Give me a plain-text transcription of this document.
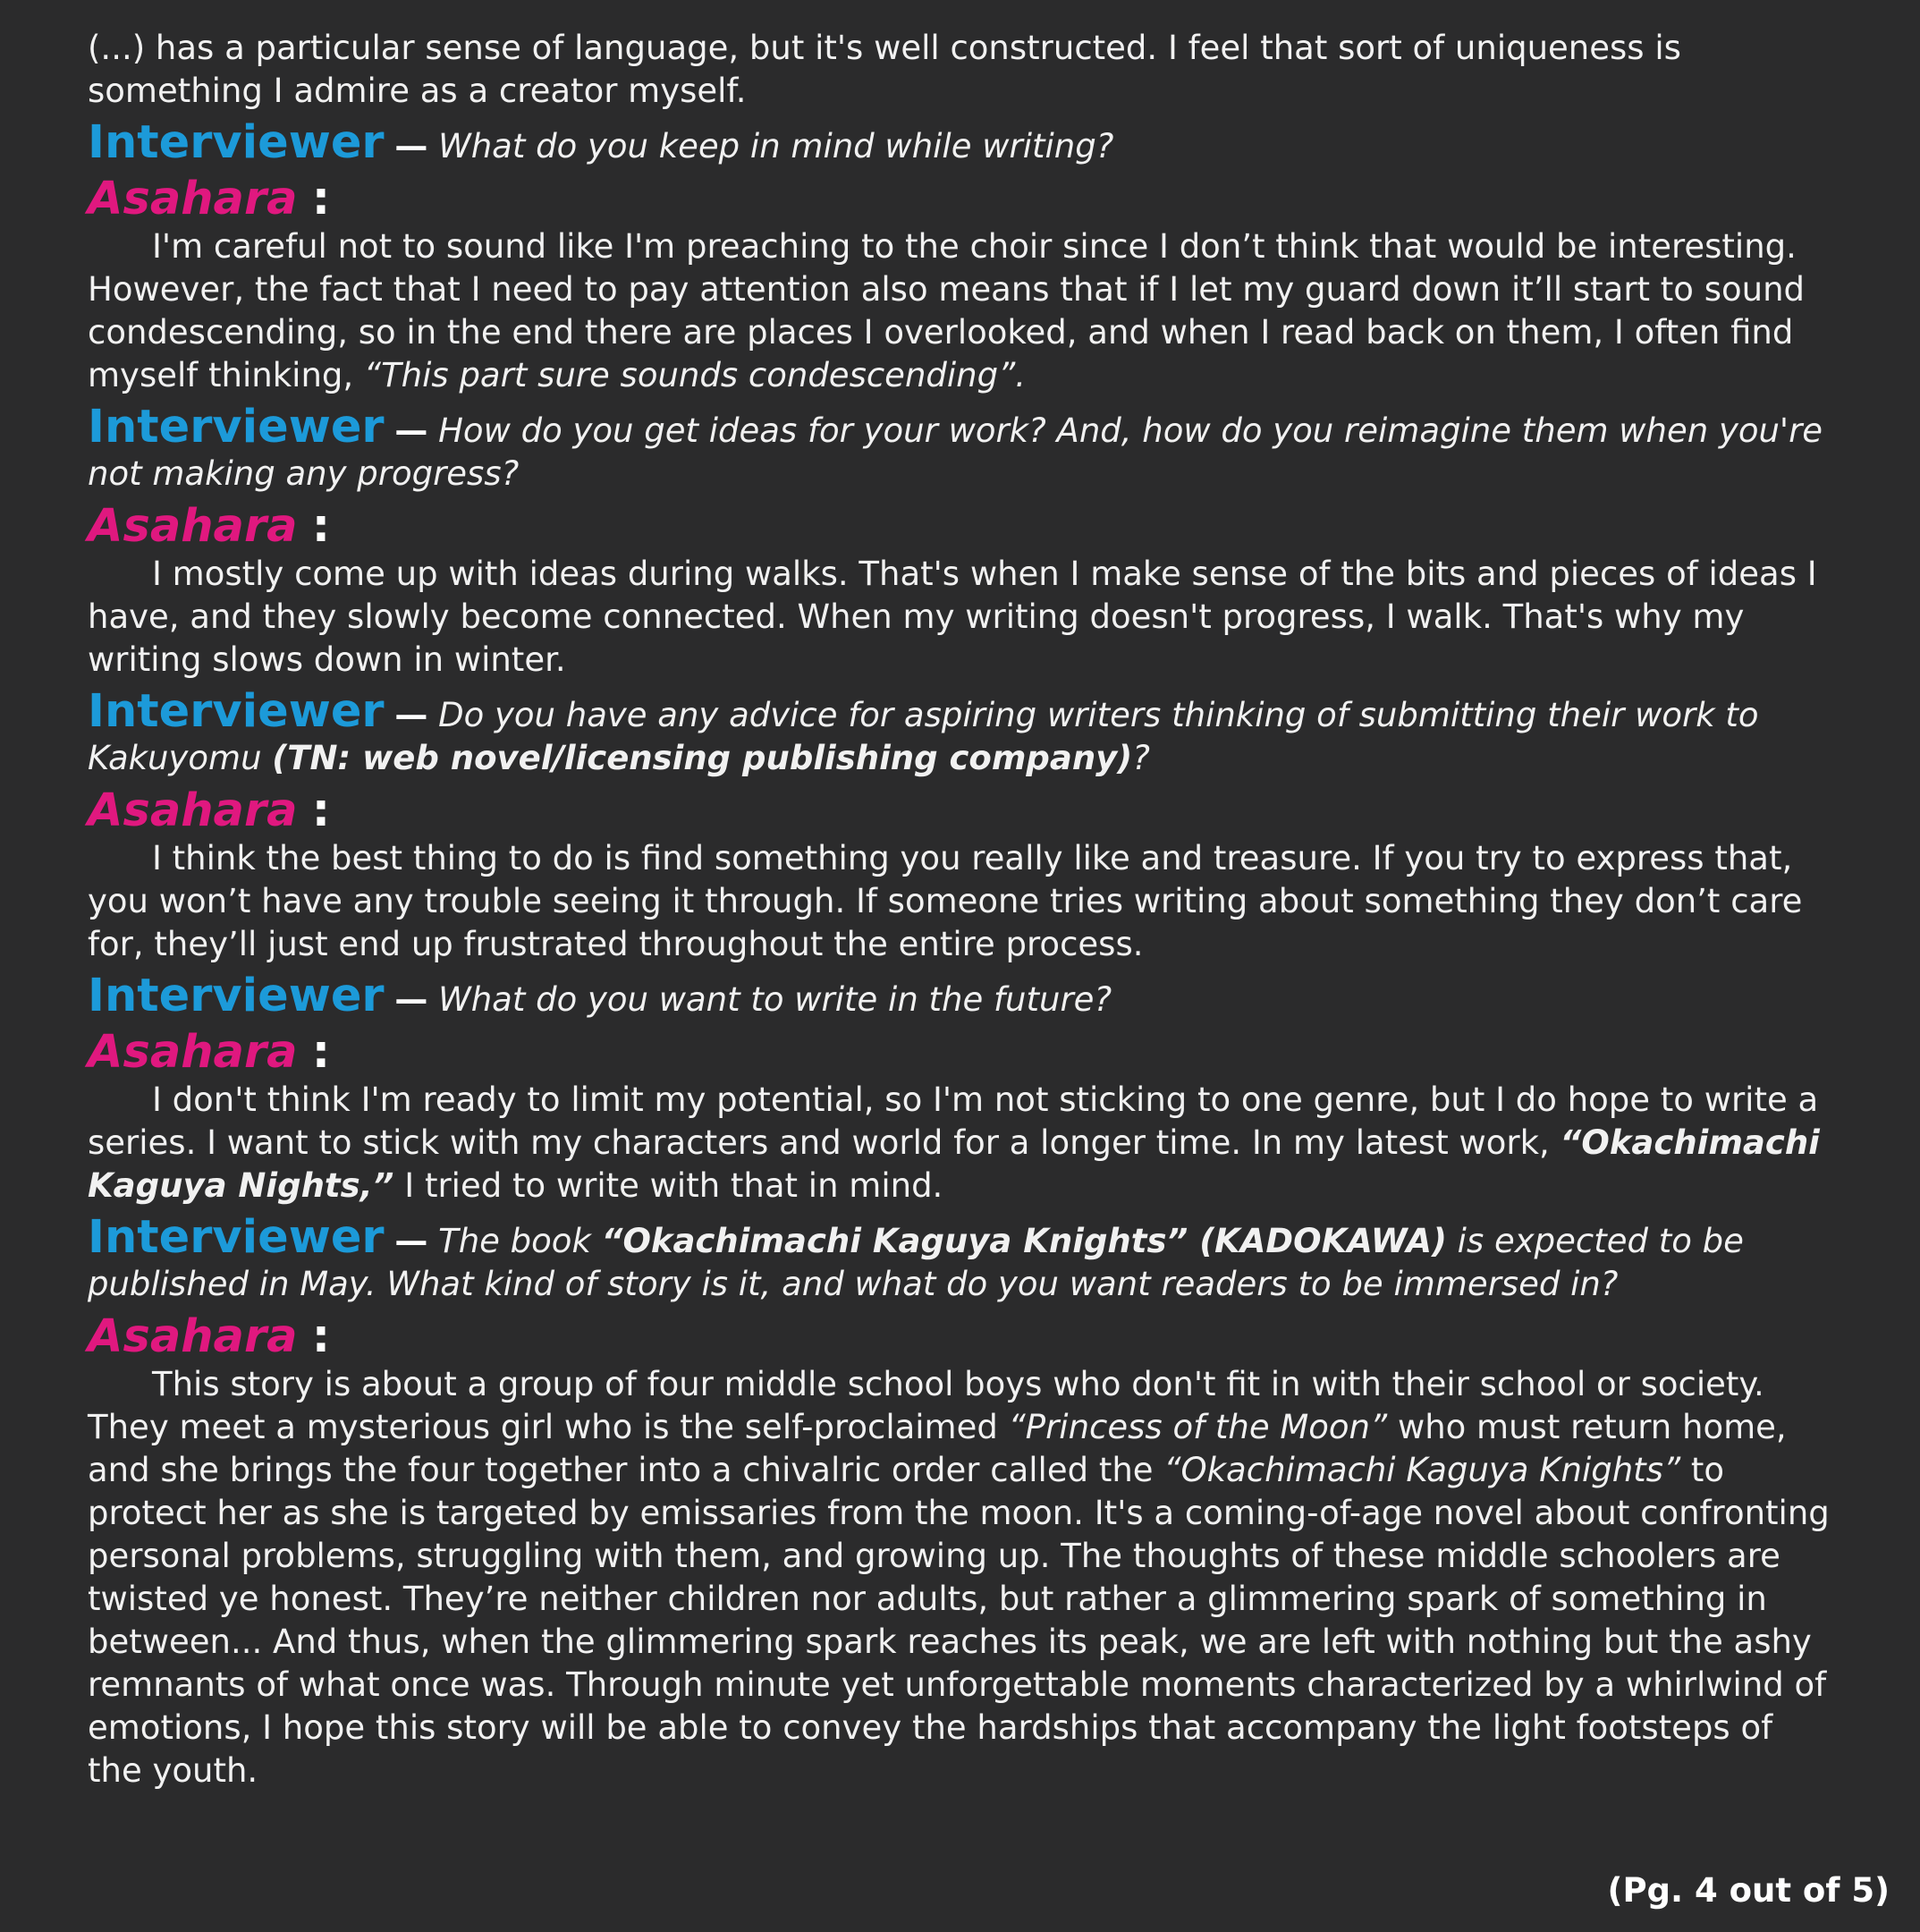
(...) has a particular sense of language, but it's well constructed. I feel that sort of uniqueness is something I admire as a creator myself.

Interviewer — What do you keep in mind while writing?

Asahara :

I'm careful not to sound like I'm preaching to the choir since I don’t think that would be interesting. However, the fact that I need to pay attention also means that if I let my guard down it’ll start to sound condescending, so in the end there are places I overlooked, and when I read back on them, I often find myself thinking, “This part sure sounds condescending”.

Interviewer — How do you get ideas for your work? And, how do you reimagine them when you're not making any progress?

Asahara :

I mostly come up with ideas during walks. That's when I make sense of the bits and pieces of ideas I have, and they slowly become connected. When my writing doesn't progress, I walk. That's why my writing slows down in winter.

Interviewer — Do you have any advice for aspiring writers thinking of submitting their work to Kakuyomu (TN: web novel/licensing publishing company)?

Asahara :

I think the best thing to do is find something you really like and treasure. If you try to express that, you won’t have any trouble seeing it through. If someone tries writing about something they don’t care for, they’ll just end up frustrated throughout the entire process.

Interviewer — What do you want to write in the future?

Asahara :

I don't think I'm ready to limit my potential, so I'm not sticking to one genre, but I do hope to write a series. I want to stick with my characters and world for a longer time. In my latest work, “Okachimachi Kaguya Nights,” I tried to write with that in mind.

Interviewer — The book “Okachimachi Kaguya Knights” (KADOKAWA) is expected to be published in May. What kind of story is it, and what do you want readers to be immersed in?

Asahara :

This story is about a group of four middle school boys who don't fit in with their school or society. They meet a mysterious girl who is the self-proclaimed “Princess of the Moon” who must return home, and she brings the four together into a chivalric order called the “Okachimachi Kaguya Knights” to protect her as she is targeted by emissaries from the moon. It's a coming-of-age novel about confronting personal problems, struggling with them, and growing up. The thoughts of these middle schoolers are twisted ye honest. They’re neither children nor adults, but rather a glimmering spark of something in between... And thus, when the glimmering spark reaches its peak, we are left with nothing but the ashy remnants of what once was. Through minute yet unforgettable moments characterized by a whirlwind of emotions, I hope this story will be able to convey the hardships that accompany the light footsteps of the youth.

(Pg. 4 out of 5)
